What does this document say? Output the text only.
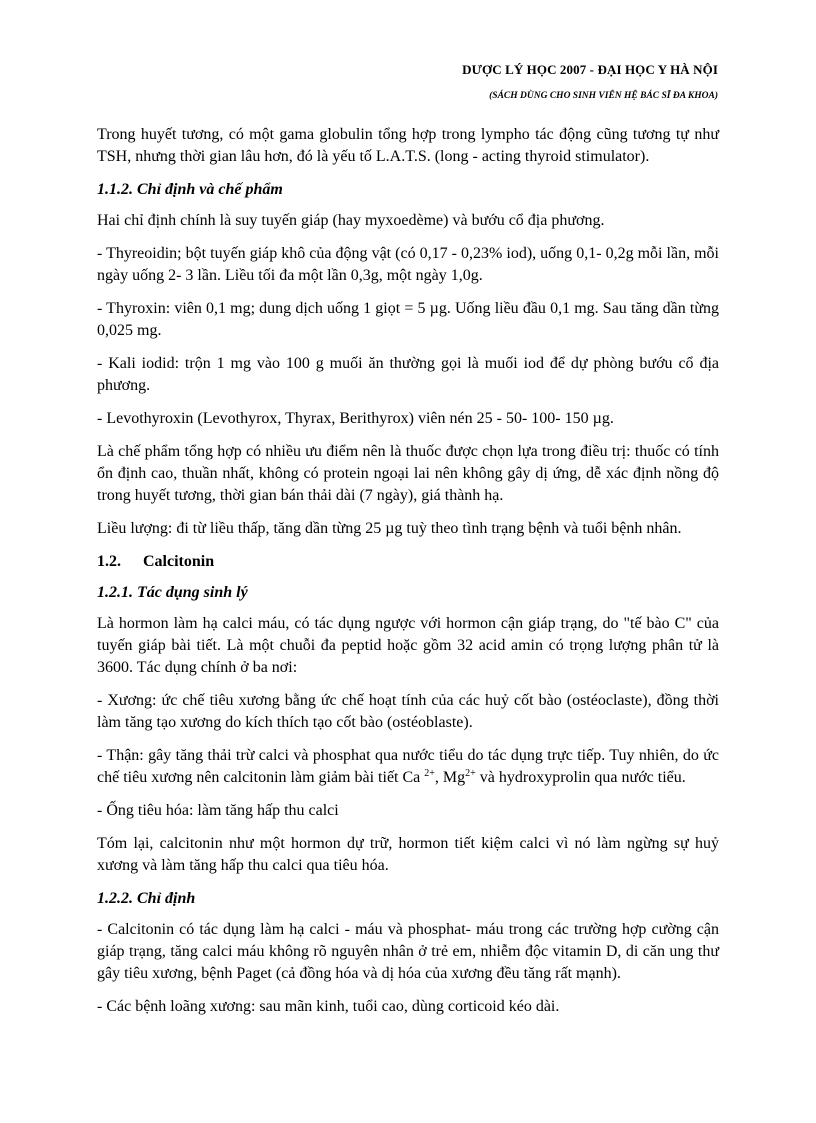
DƯỢC LÝ HỌC 2007 - ĐẠI HỌC Y HÀ NỘI
(SÁCH DÙNG CHO SINH VIÊN HỆ BÁC SĨ ĐA KHOA)

Trong huyết tương, có một gama globulin tổng hợp trong lympho tác động cũng tương tự như TSH, nhưng thời gian lâu hơn, đó là yếu tố L.A.T.S. (long - acting thyroid stimulator).

1.1.2. Chỉ định và chế phẩm

Hai chỉ định chính là suy tuyến giáp (hay myxoedème) và bướu cổ địa phương.

- Thyreoidin; bột tuyến giáp khô của động vật (có 0,17 - 0,23% iod), uống 0,1- 0,2g mỗi lần, mỗi ngày uống 2- 3 lần. Liều tối đa một lần 0,3g, một ngày 1,0g.

- Thyroxin: viên 0,1 mg; dung dịch uống 1 giọt = 5 µg. Uống liều đầu 0,1 mg. Sau tăng dần từng 0,025 mg.

- Kali iodid: trộn 1 mg vào 100 g muối ăn thường gọi là muối iod để dự phòng bướu cổ địa phương.

- Levothyroxin (Levothyrox, Thyrax, Berithyrox) viên nén 25 - 50- 100- 150 µg.

Là chế phẩm tổng hợp có nhiều ưu điểm nên là thuốc được chọn lựa trong điều trị: thuốc có tính ổn định cao, thuần nhất, không có protein ngoại lai nên không gây dị ứng, dễ xác định nồng độ trong huyết tương, thời gian bán thải dài (7 ngày), giá thành hạ.

Liều lượng: đi từ liều thấp, tăng dần từng 25 µg tuỳ theo tình trạng bệnh và tuổi bệnh nhân.

1.2. Calcitonin
1.2.1. Tác dụng sinh lý

Là hormon làm hạ calci máu, có tác dụng ngược với hormon cận giáp trạng, do "tế bào C" của tuyến giáp bài tiết. Là một chuỗi đa peptid hoặc gồm 32 acid amin có trọng lượng phân tử là 3600. Tác dụng chính ở ba nơi:

- Xương: ức chế tiêu xương bằng ức chế hoạt tính của các huỷ cốt bào (ostéoclaste), đồng thời làm tăng tạo xương do kích thích tạo cốt bào (ostéoblaste).

- Thận: gây tăng thải trừ calci và phosphat qua nước tiểu do tác dụng trực tiếp. Tuy nhiên, do ức chế tiêu xương nên calcitonin làm giảm bài tiết Ca $^{2+}$, $Mg^{2+}$ và hydroxyprolin qua nước tiểu.

- Ống tiêu hóa: làm tăng hấp thu calci

Tóm lại, calcitonin như một hormon dự trữ, hormon tiết kiệm calci vì nó làm ngừng sự huỷ xương và làm tăng hấp thu calci qua tiêu hóa.

1.2.2. Chỉ định

- Calcitonin có tác dụng làm hạ calci - máu và phosphat- máu trong các trường hợp cường cận giáp trạng, tăng calci máu không rõ nguyên nhân ở trẻ em, nhiễm độc vitamin D, di căn ung thư gây tiêu xương, bệnh Paget (cả đồng hóa và dị hóa của xương đều tăng rất mạnh).

- Các bệnh loãng xương: sau mãn kinh, tuổi cao, dùng corticoid kéo dài.
